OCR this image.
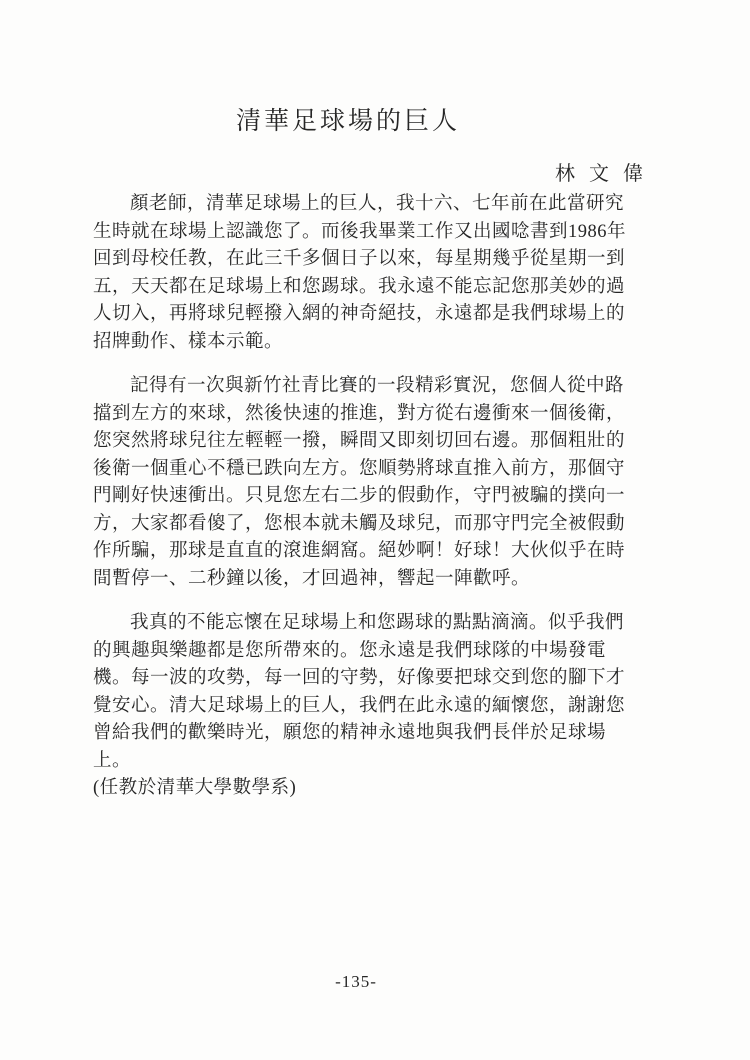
清華足球場的巨人
林文偉
顏老師，清華足球場上的巨人，我十六、七年前在此當研究
生時就在球場上認識您了。而後我畢業工作又出國唸書到1986年
回到母校任教，在此三千多個日子以來，每星期幾乎從星期一到
五，天天都在足球場上和您踢球。我永遠不能忘記您那美妙的過
人切入，再將球兒輕撥入網的神奇絕技，永遠都是我們球場上的
招牌動作、樣本示範。
記得有一次與新竹社青比賽的一段精彩實況，您個人從中路
擋到左方的來球，然後快速的推進，對方從右邊衝來一個後衛，
您突然將球兒往左輕輕一撥，瞬間又即刻切回右邊。那個粗壯的
後衛一個重心不穩已跌向左方。您順勢將球直推入前方，那個守
門剛好快速衝出。只見您左右二步的假動作，守門被騙的撲向一
方，大家都看傻了，您根本就未觸及球兒，而那守門完全被假動
作所騙，那球是直直的滾進網窩。絕妙啊！好球！大伙似乎在時
間暫停一、二秒鐘以後，才回過神，響起一陣歡呼。
我真的不能忘懷在足球場上和您踢球的點點滴滴。似乎我們
的興趣與樂趣都是您所帶來的。您永遠是我們球隊的中場發電
機。每一波的攻勢，每一回的守勢，好像要把球交到您的腳下才
覺安心。清大足球場上的巨人，我們在此永遠的緬懷您，謝謝您
曾給我們的歡樂時光，願您的精神永遠地與我們長伴於足球場
上。
(任教於清華大學數學系)
-135-
